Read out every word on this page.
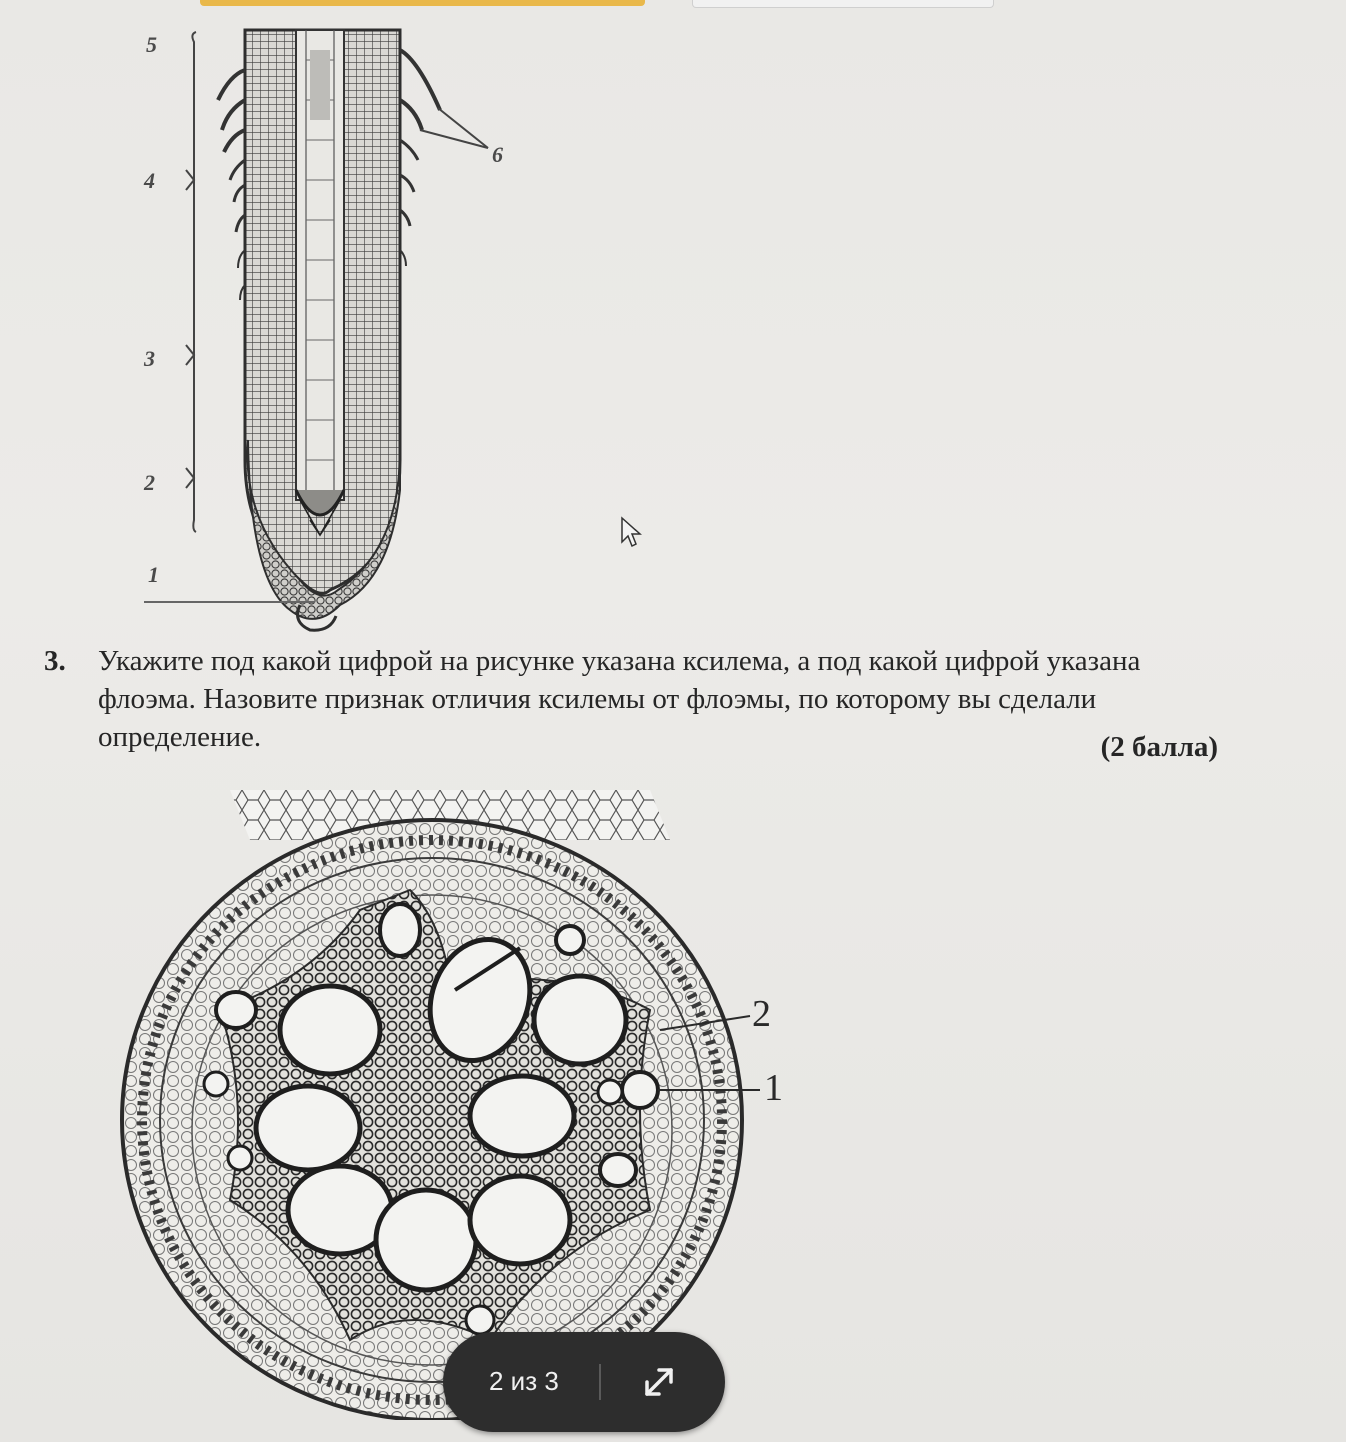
5
4
3
2
1
6
3. Укажите под какой цифрой на рисунке указана ксилема, а под какой цифрой указана флоэма. Назовите признак отличия ксилемы от флоэмы, по которому вы сделали определение.	(2 балла)
2
1
2 из 3
